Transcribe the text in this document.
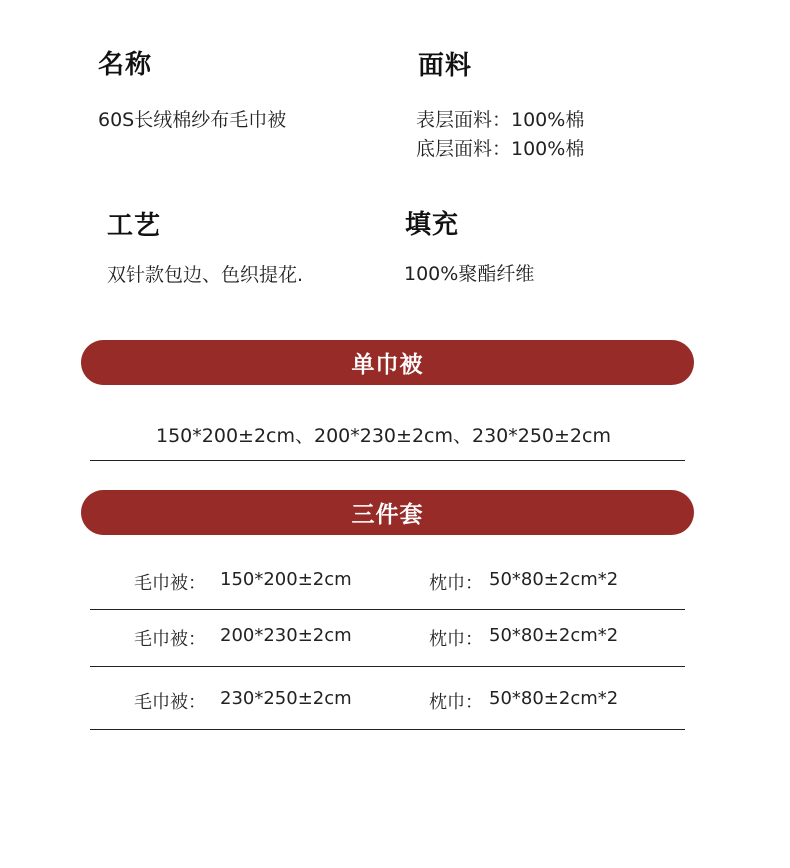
名称
60S长绒棉纱布毛巾被
面料
表层面料：100%棉
底层面料：100%棉
工艺
双针款包边、色织提花.
填充
100%聚酯纤维
单巾被
150*200±2cm、200*230±2cm、230*250±2cm
三件套
毛巾被： 150*200±2cm	枕巾： 50*80±2cm*2
毛巾被： 200*230±2cm	枕巾： 50*80±2cm*2
毛巾被： 230*250±2cm	枕巾： 50*80±2cm*2
